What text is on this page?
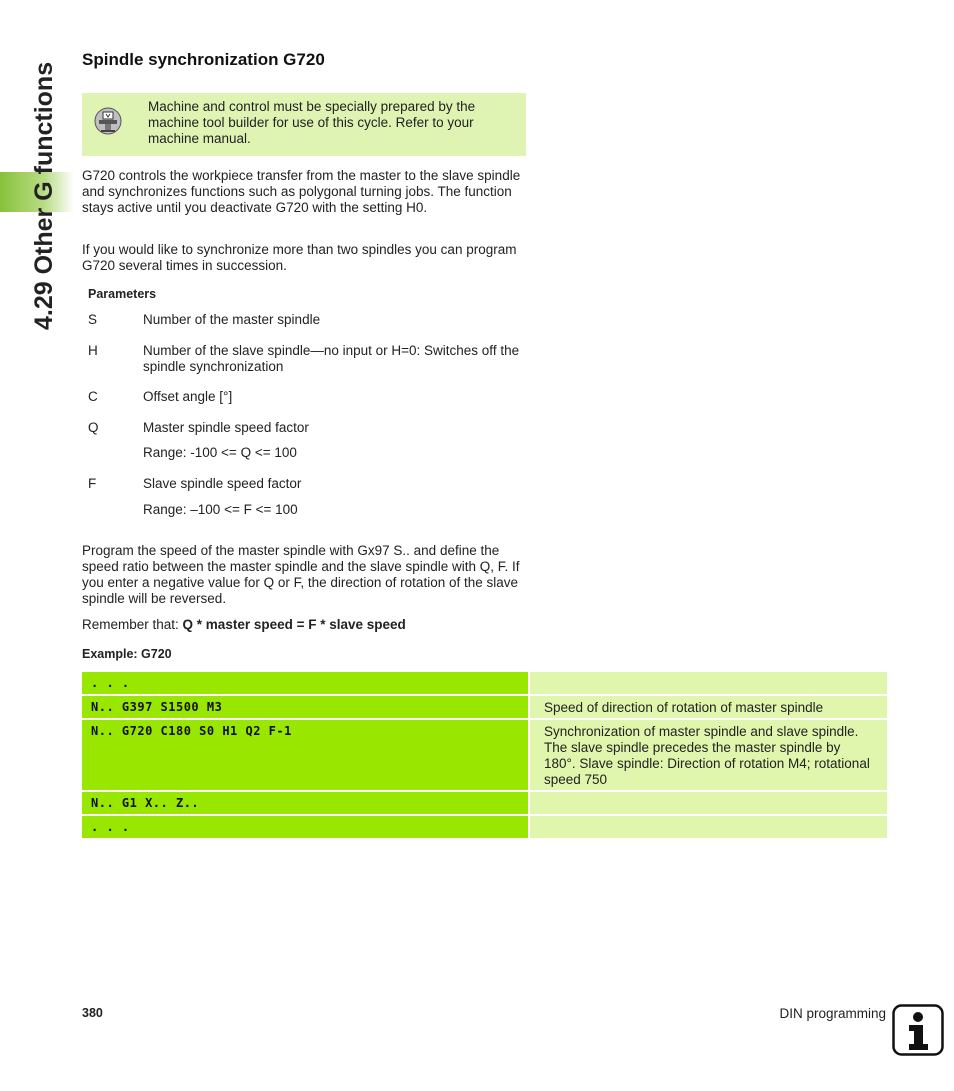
4.29 Other G functions
Spindle synchronization G720
Machine and control must be specially prepared by the machine tool builder for use of this cycle. Refer to your machine manual.

G720 controls the workpiece transfer from the master to the slave spindle and synchronizes functions such as polygonal turning jobs. The function stays active until you deactivate G720 with the setting H0.

If you would like to synchronize more than two spindles you can program G720 several times in succession.

Parameters
S	Number of the master spindle
H	Number of the slave spindle—no input or H=0: Switches off the spindle synchronization
C	Offset angle [°]
Q	Master spindle speed factor
Range: -100 <= Q <= 100
F	Slave spindle speed factor
Range: –100 <= F <= 100

Program the speed of the master spindle with Gx97 S.. and define the speed ratio between the master spindle and the slave spindle with Q, F. If you enter a negative value for Q or F, the direction of rotation of the slave spindle will be reversed.

Remember that: Q * master speed = F * slave speed

Example: G720
. . .
N.. G397 S1500 M3	Speed of direction of rotation of master spindle
N.. G720 C180 S0 H1 Q2 F-1	Synchronization of master spindle and slave spindle. The slave spindle precedes the master spindle by 180°. Slave spindle: Direction of rotation M4; rotational speed 750
N.. G1 X.. Z..
. . .
380	DIN programming
